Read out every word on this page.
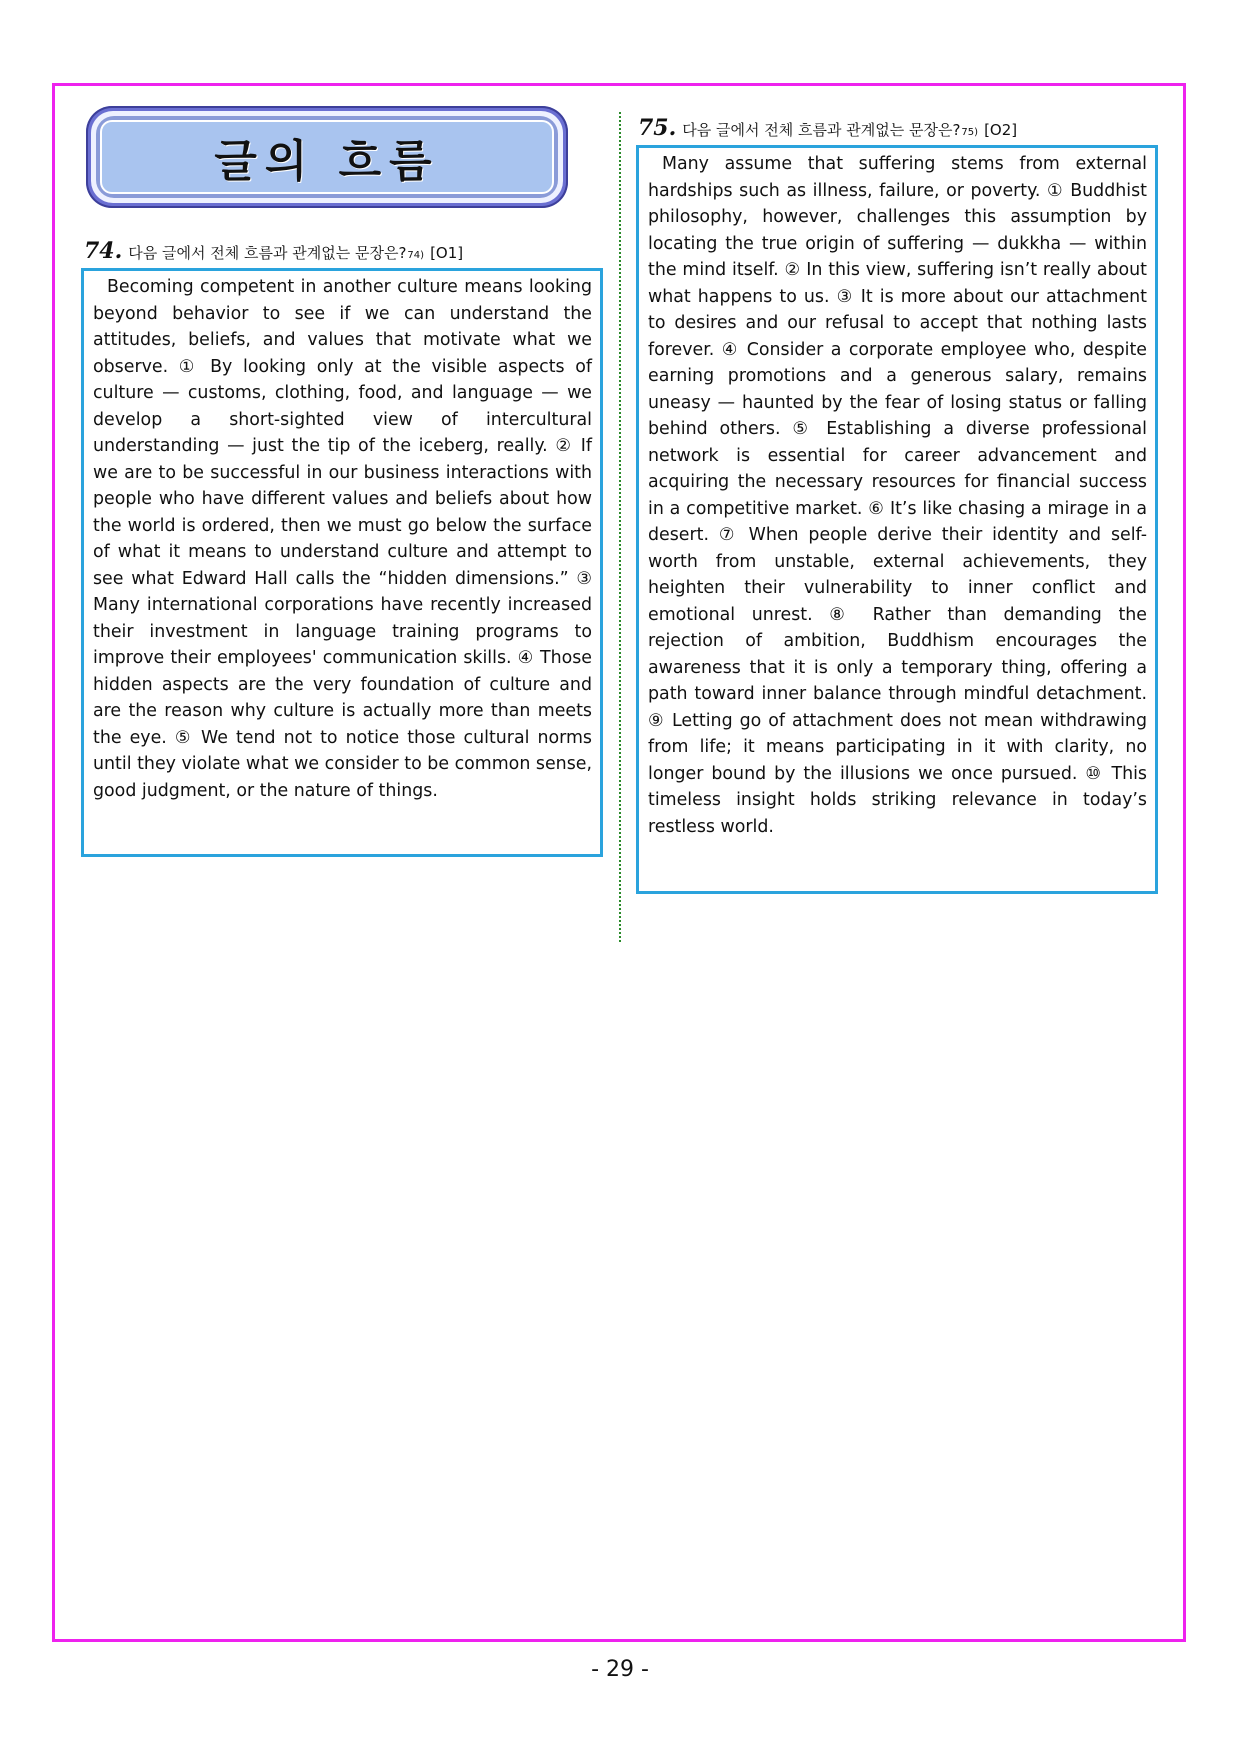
글의 흐름
74. 다음 글에서 전체 흐름과 관계없는 문장은? 74) [O1]

Becoming competent in another culture means looking beyond behavior to see if we can understand the attitudes, beliefs, and values that motivate what we observe. ① By looking only at the visible aspects of culture — customs, clothing, food, and language — we develop a short-sighted view of intercultural understanding — just the tip of the iceberg, really. ② If we are to be successful in our business interactions with people who have different values and beliefs about how the world is ordered, then we must go below the surface of what it means to understand culture and attempt to see what Edward Hall calls the “hidden dimensions.” ③ Many international corporations have recently increased their investment in language training programs to improve their employees' communication skills. ④ Those hidden aspects are the very foundation of culture and are the reason why culture is actually more than meets the eye. ⑤ We tend not to notice those cultural norms until they violate what we consider to be common sense, good judgment, or the nature of things.

75. 다음 글에서 전체 흐름과 관계없는 문장은? 75) [O2]

Many assume that suffering stems from external hardships such as illness, failure, or poverty. ① Buddhist philosophy, however, challenges this assumption by locating the true origin of suffering — dukkha — within the mind itself. ② In this view, suffering isn’t really about what happens to us. ③ It is more about our attachment to desires and our refusal to accept that nothing lasts forever. ④ Consider a corporate employee who, despite earning promotions and a generous salary, remains uneasy — haunted by the fear of losing status or falling behind others. ⑤ Establishing a diverse professional network is essential for career advancement and acquiring the necessary resources for financial success in a competitive market. ⑥ It’s like chasing a mirage in a desert. ⑦ When people derive their identity and self-worth from unstable, external achievements, they heighten their vulnerability to inner conflict and emotional unrest. ⑧ Rather than demanding the rejection of ambition, Buddhism encourages the awareness that it is only a temporary thing, offering a path toward inner balance through mindful detachment. ⑨ Letting go of attachment does not mean withdrawing from life; it means participating in it with clarity, no longer bound by the illusions we once pursued. ⑩ This timeless insight holds striking relevance in today’s restless world.

- 29 -
